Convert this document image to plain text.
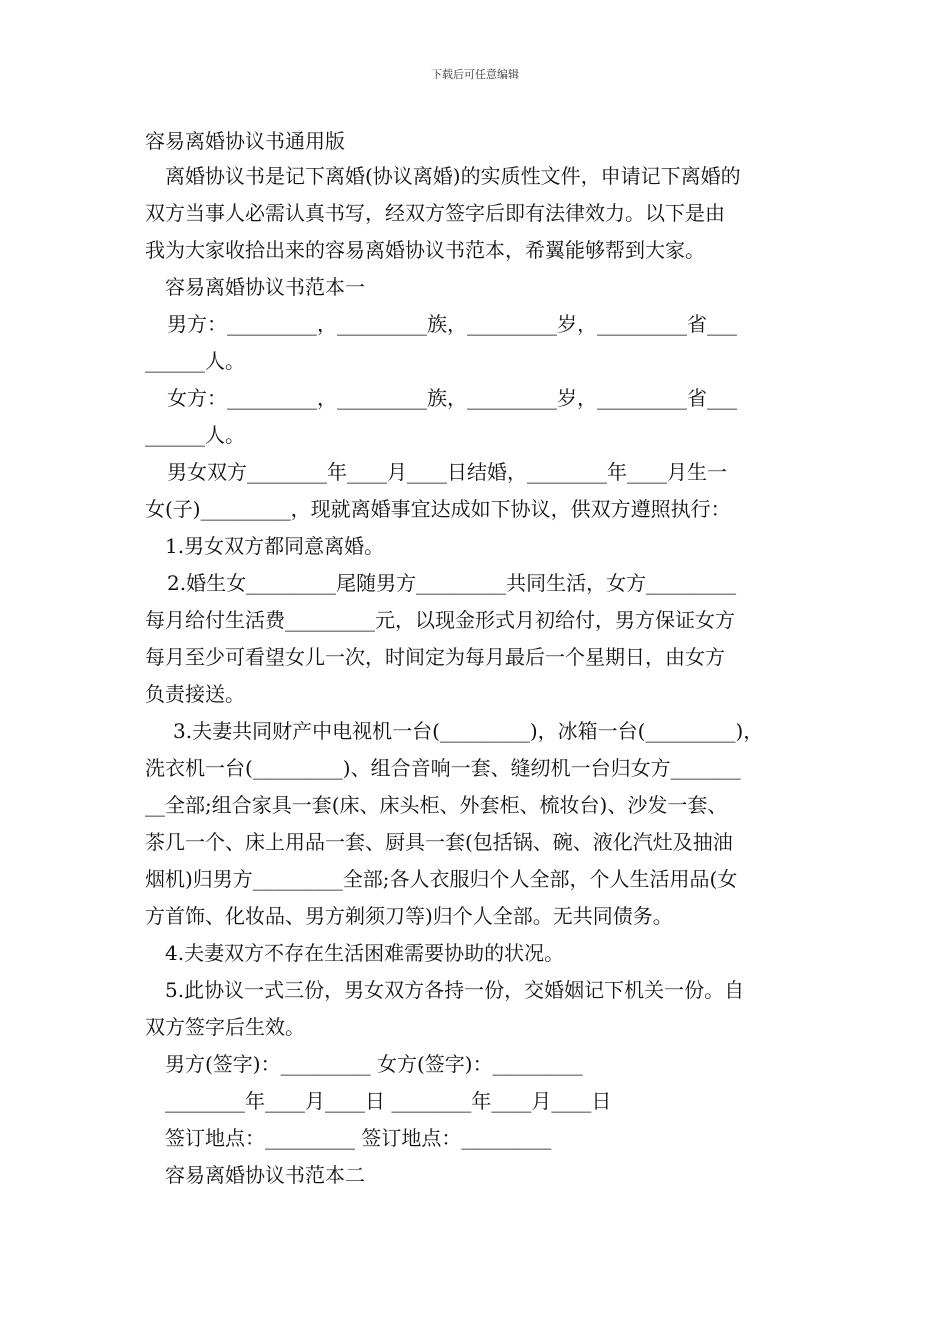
下载后可任意编辑
容易离婚协议书通用版
离婚协议书是记下离婚(协议离婚)的实质性文件，申请记下离婚的
双方当事人必需认真书写，经双方签字后即有法律效力。以下是由
我为大家收拾出来的容易离婚协议书范本，希翼能够帮到大家。
容易离婚协议书范本一
男方：_________，_________族，_________岁，_________省___
______人。
女方：_________，_________族，_________岁，_________省___
______人。
男女双方________年____月____日结婚，________年____月生一
女(子)_________，现就离婚事宜达成如下协议，供双方遵照执行：
1.男女双方都同意离婚。
2.婚生女_________尾随男方_________共同生活，女方_________
每月给付生活费_________元，以现金形式月初给付，男方保证女方
每月至少可看望女儿一次，时间定为每月最后一个星期日，由女方
负责接送。
3.夫妻共同财产中电视机一台(_________)，冰箱一台(_________)，
洗衣机一台(_________)、组合音响一套、缝纫机一台归女方_______
__全部;组合家具一套(床、床头柜、外套柜、梳妆台)、沙发一套、
茶几一个、床上用品一套、厨具一套(包括锅、碗、液化汽灶及抽油
烟机)归男方_________全部;各人衣服归个人全部，个人生活用品(女
方首饰、化妆品、男方剃须刀等)归个人全部。无共同债务。
4.夫妻双方不存在生活困难需要协助的状况。
5.此协议一式三份，男女双方各持一份，交婚姻记下机关一份。自
双方签字后生效。
男方(签字)：_________ 女方(签字)：_________
________年____月____日 ________年____月____日
签订地点：_________ 签订地点：_________
容易离婚协议书范本二
